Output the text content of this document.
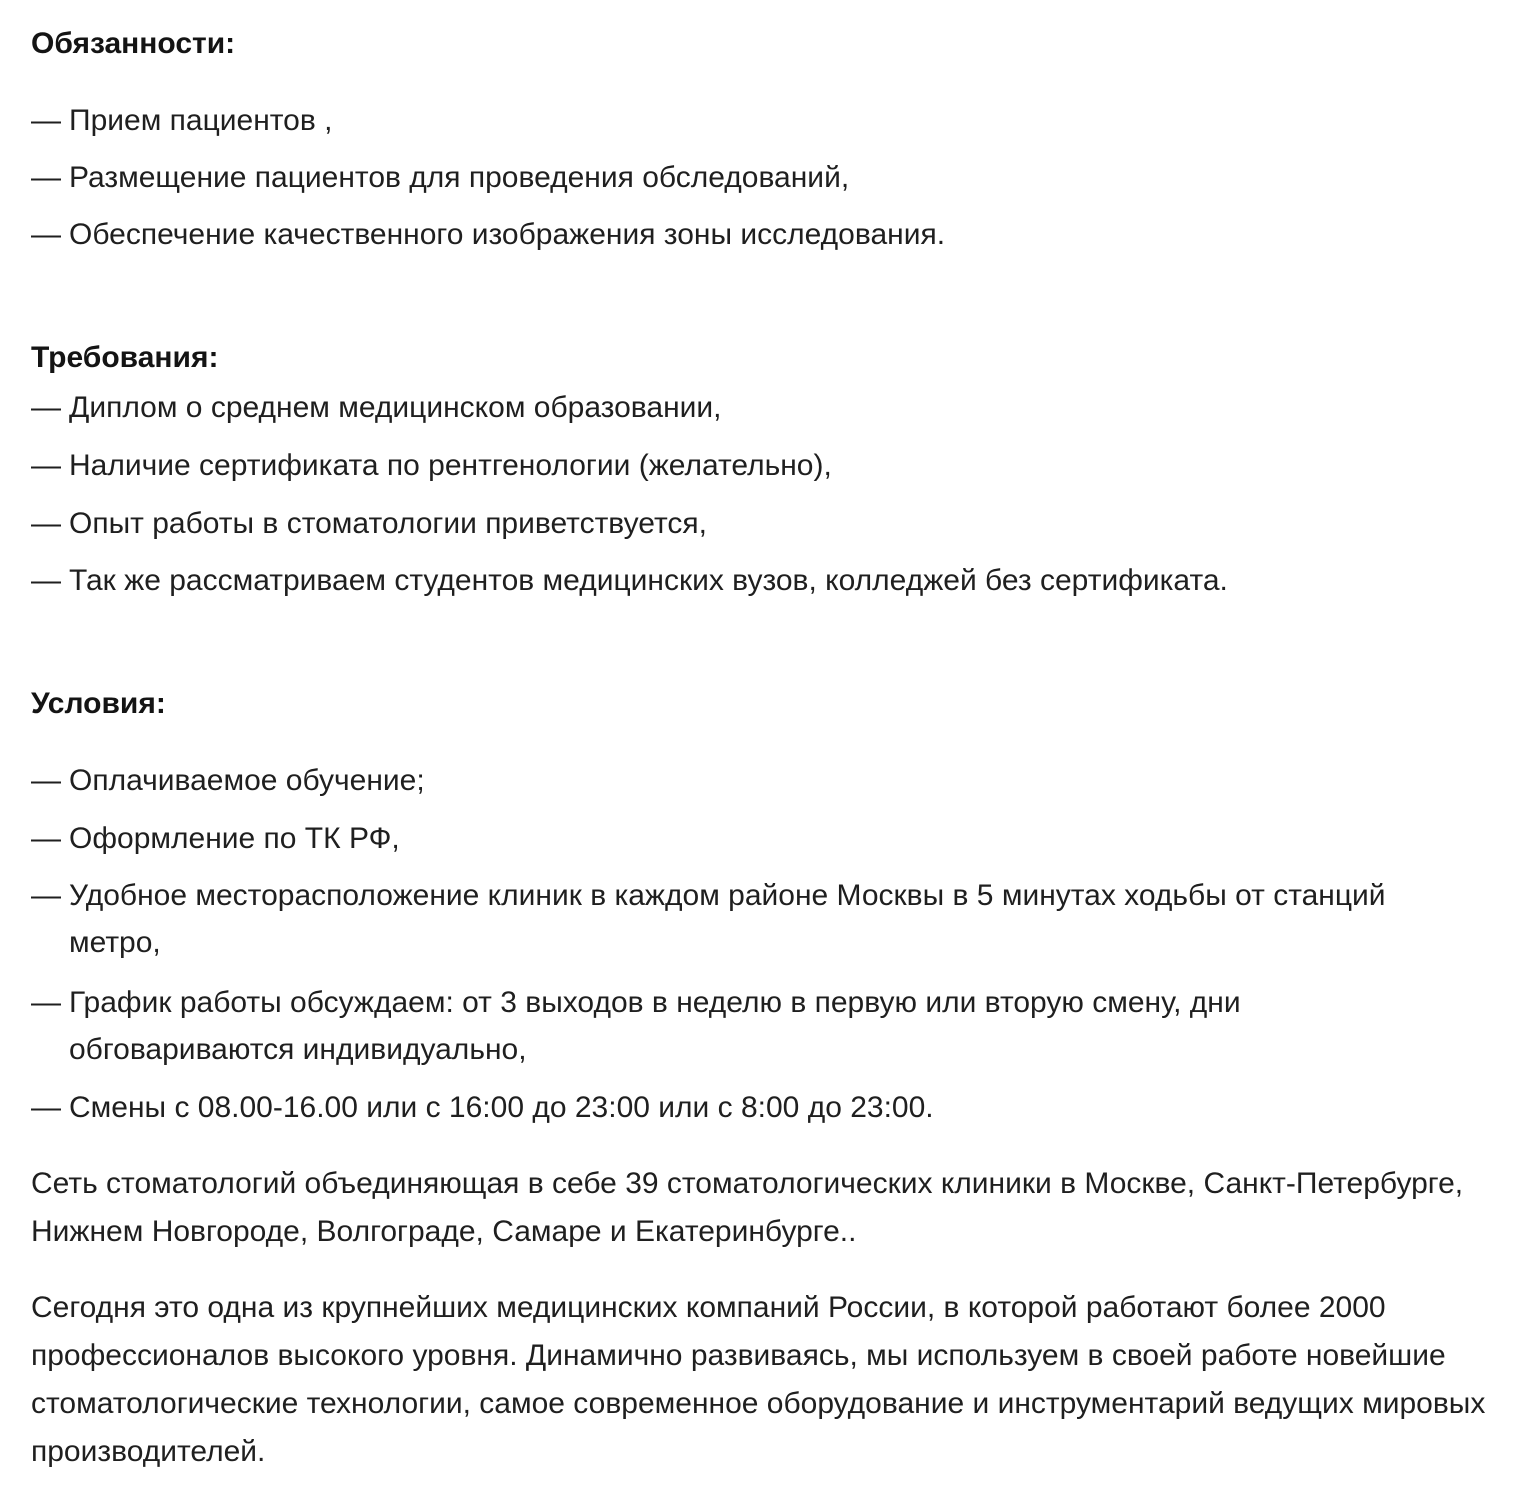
Обязанности:
— Прием пациентов ,
— Размещение пациентов для проведения обследований,
— Обеспечение качественного изображения зоны исследования.
Требования:
— Диплом о среднем медицинском образовании,
— Наличие сертификата по рентгенологии (желательно),
— Опыт работы в стоматологии приветствуется,
— Так же рассматриваем студентов медицинских вузов, колледжей без сертификата.
Условия:
— Оплачиваемое обучение;
— Оформление по ТК РФ,
— Удобное месторасположение клиник в каждом районе Москвы в 5 минутах ходьбы от станций метро,
— График работы обсуждаем: от 3 выходов в неделю в первую или вторую смену, дни обговариваются индивидуально,
— Смены с 08.00-16.00 или с 16:00 до 23:00 или с 8:00 до 23:00.
Сеть стоматологий объединяющая в себе 39 стоматологических клиники в Москве, Санкт-Петербурге, Нижнем Новгороде, Волгограде, Самаре и Екатеринбурге..
Сегодня это одна из крупнейших медицинских компаний России, в которой работают более 2000 профессионалов высокого уровня. Динамично развиваясь, мы используем в своей работе новейшие стоматологические технологии, самое современное оборудование и инструментарий ведущих мировых производителей.
